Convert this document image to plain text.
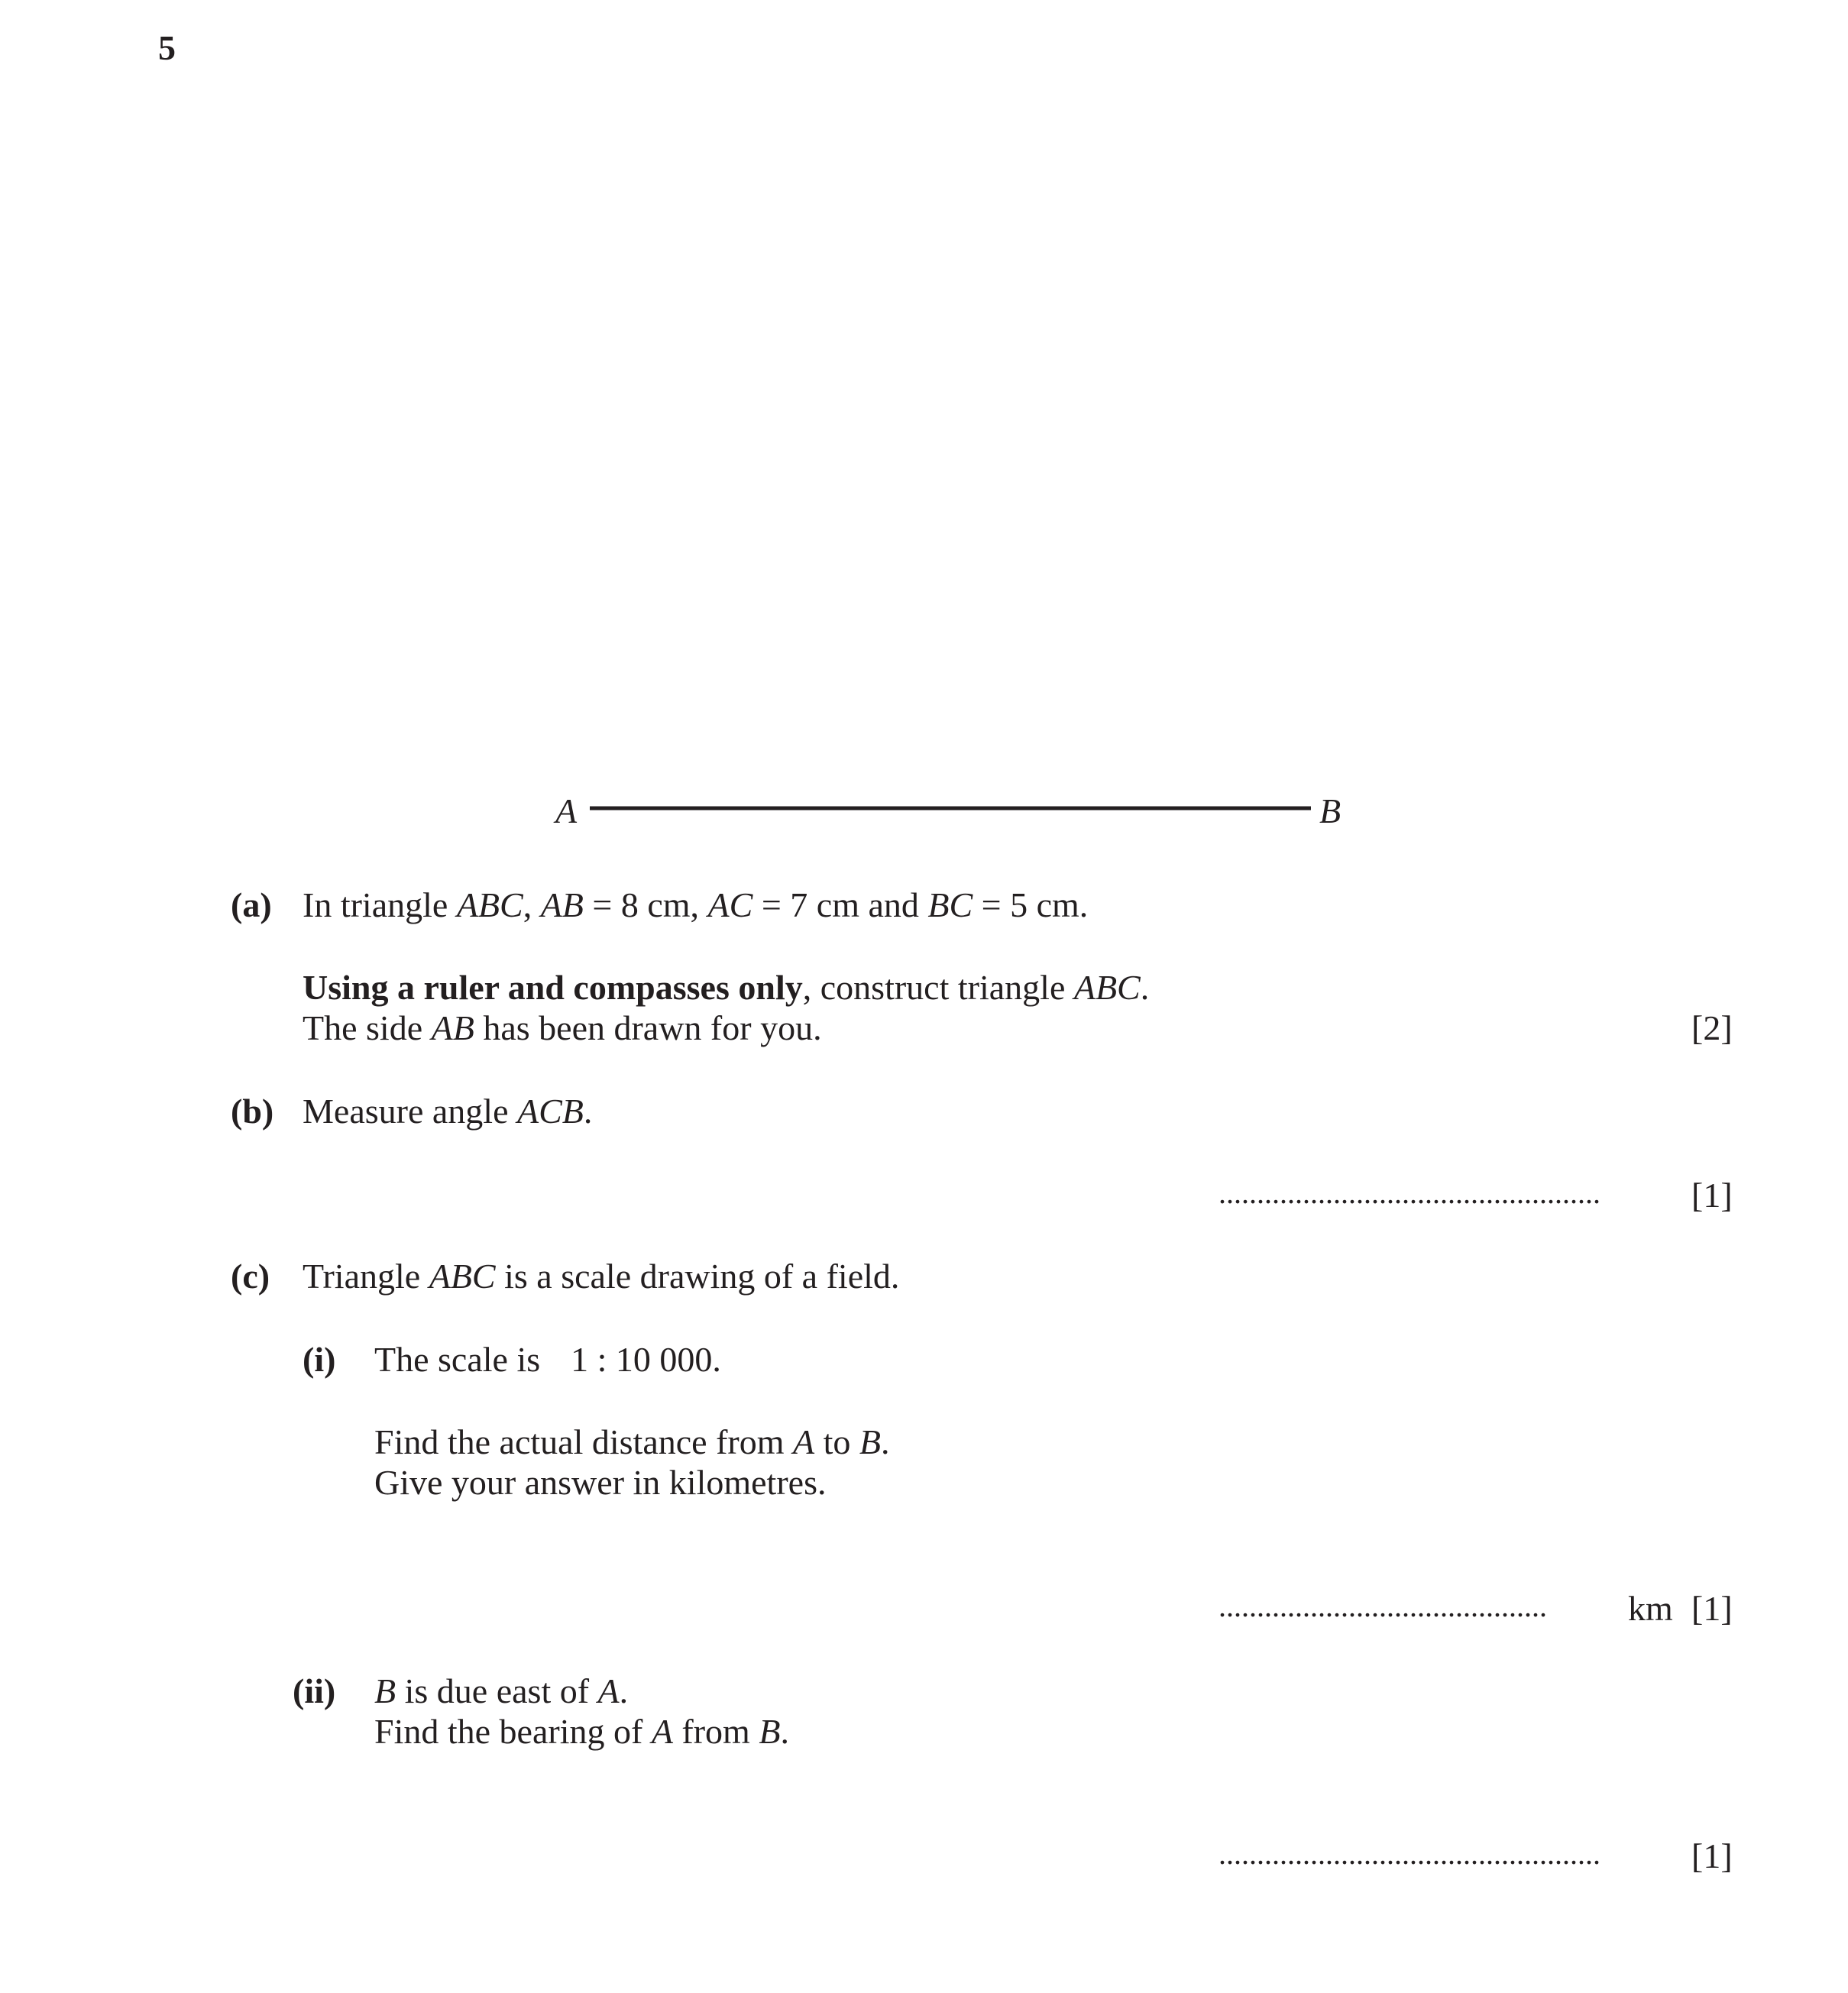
5
A	B
(a) In triangle ABC, AB = 8 cm, AC = 7 cm and BC = 5 cm.
Using a ruler and compasses only, construct triangle ABC.
The side AB has been drawn for you.	[2]
(b) Measure angle ACB.
..................................................	[1]
(c) Triangle ABC is a scale drawing of a field.
(i) The scale is 1 : 10 000.
Find the actual distance from A to B.
Give your answer in kilometres.
........................................... km [1]
(ii) B is due east of A.
Find the bearing of A from B.
..................................................	[1]
